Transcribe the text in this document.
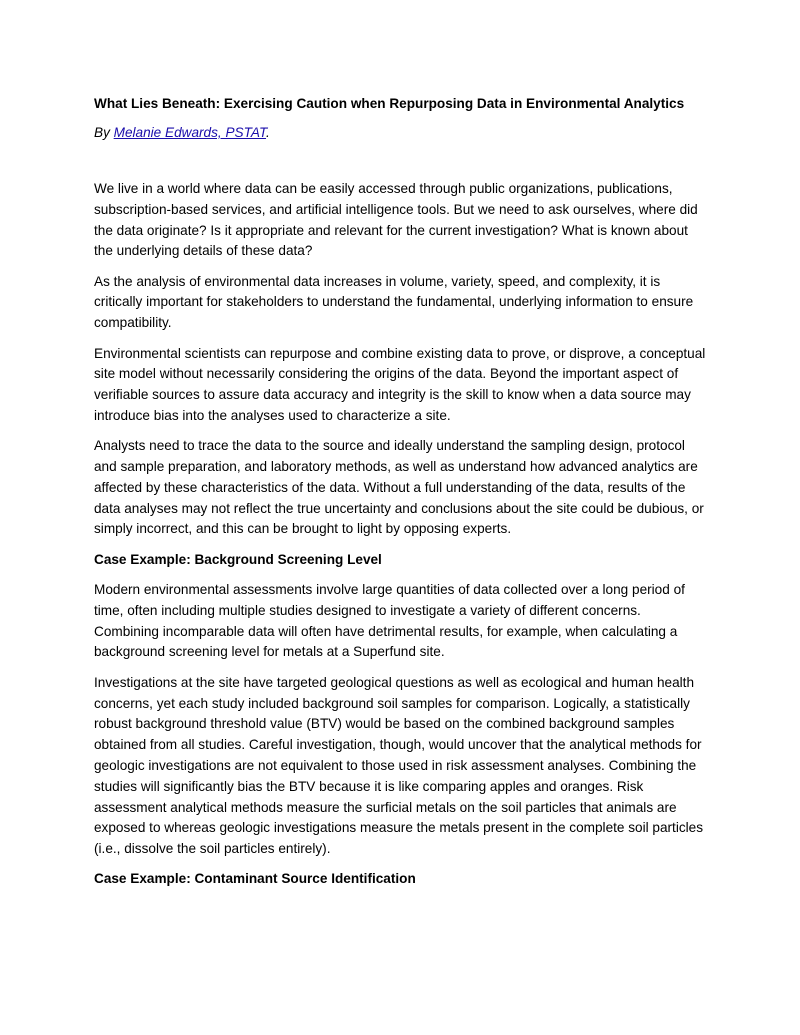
What Lies Beneath: Exercising Caution when Repurposing Data in Environmental Analytics
By Melanie Edwards, PSTAT.

We live in a world where data can be easily accessed through public organizations, publications, subscription-based services, and artificial intelligence tools. But we need to ask ourselves, where did the data originate? Is it appropriate and relevant for the current investigation? What is known about the underlying details of these data?

As the analysis of environmental data increases in volume, variety, speed, and complexity, it is critically important for stakeholders to understand the fundamental, underlying information to ensure compatibility.

Environmental scientists can repurpose and combine existing data to prove, or disprove, a conceptual site model without necessarily considering the origins of the data. Beyond the important aspect of verifiable sources to assure data accuracy and integrity is the skill to know when a data source may introduce bias into the analyses used to characterize a site.

Analysts need to trace the data to the source and ideally understand the sampling design, protocol and sample preparation, and laboratory methods, as well as understand how advanced analytics are affected by these characteristics of the data. Without a full understanding of the data, results of the data analyses may not reflect the true uncertainty and conclusions about the site could be dubious, or simply incorrect, and this can be brought to light by opposing experts.

Case Example: Background Screening Level

Modern environmental assessments involve large quantities of data collected over a long period of time, often including multiple studies designed to investigate a variety of different concerns. Combining incomparable data will often have detrimental results, for example, when calculating a background screening level for metals at a Superfund site.

Investigations at the site have targeted geological questions as well as ecological and human health concerns, yet each study included background soil samples for comparison. Logically, a statistically robust background threshold value (BTV) would be based on the combined background samples obtained from all studies. Careful investigation, though, would uncover that the analytical methods for geologic investigations are not equivalent to those used in risk assessment analyses. Combining the studies will significantly bias the BTV because it is like comparing apples and oranges. Risk assessment analytical methods measure the surficial metals on the soil particles that animals are exposed to whereas geologic investigations measure the metals present in the complete soil particles (i.e., dissolve the soil particles entirely).

Case Example: Contaminant Source Identification
